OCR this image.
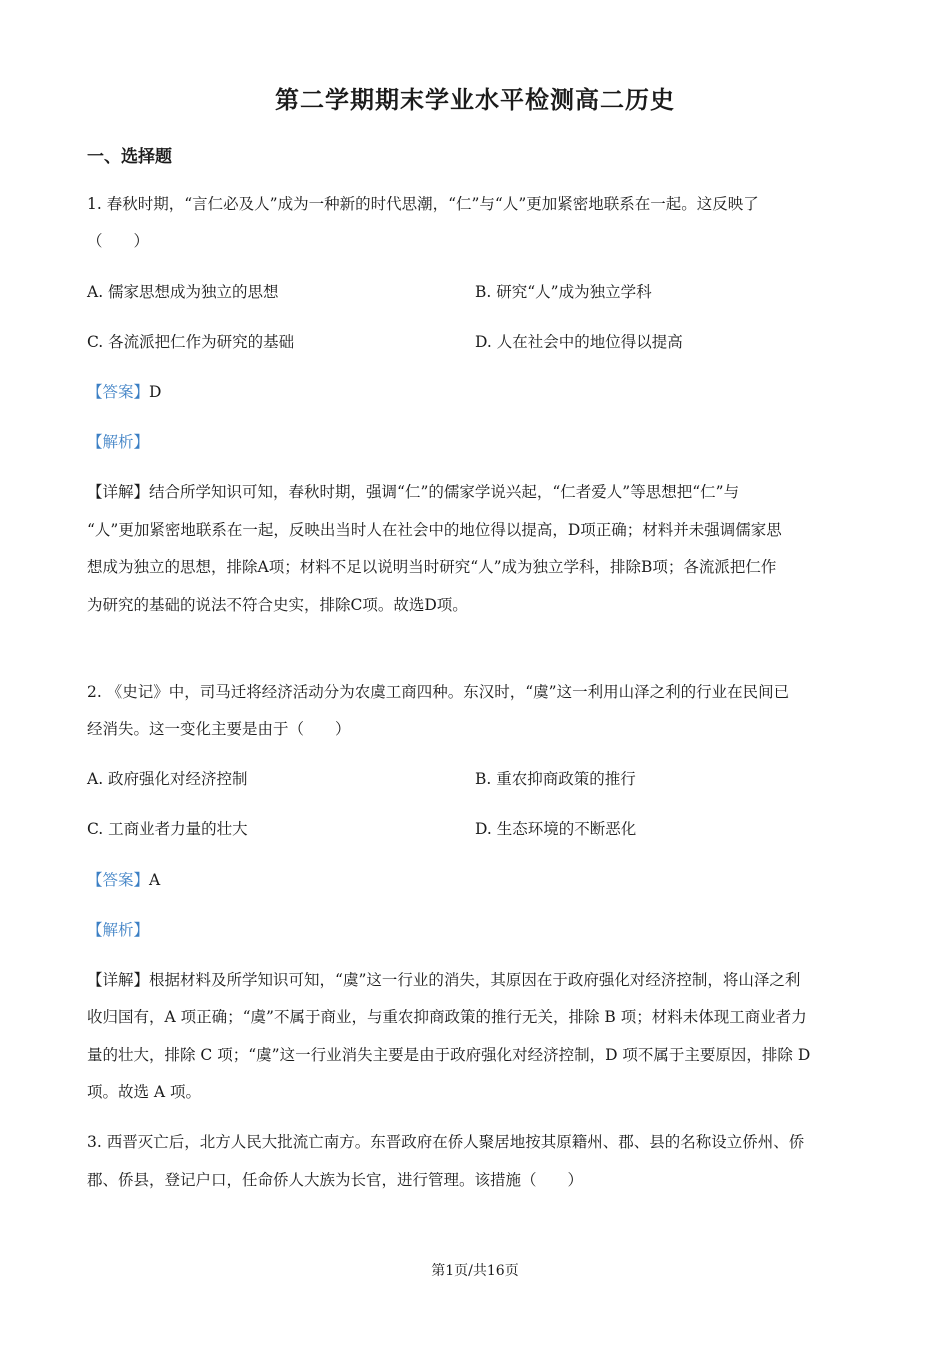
第二学期期末学业水平检测高二历史
一、选择题
1. 春秋时期，“言仁必及人”成为一种新的时代思潮，“仁”与“人”更加紧密地联系在一起。这反映了
（　　）
A. 儒家思想成为独立的思想	B. 研究“人”成为独立学科
C. 各流派把仁作为研究的基础	D. 人在社会中的地位得以提高
【答案】D
【解析】
【详解】结合所学知识可知，春秋时期，强调“仁”的儒家学说兴起，“仁者爱人”等思想把“仁”与
“人”更加紧密地联系在一起，反映出当时人在社会中的地位得以提高，D项正确；材料并未强调儒家思
想成为独立的思想，排除A项；材料不足以说明当时研究“人”成为独立学科，排除B项；各流派把仁作
为研究的基础的说法不符合史实，排除C项。故选D项。
2. 《史记》中，司马迁将经济活动分为农虞工商四种。东汉时，“虞”这一利用山泽之利的行业在民间已
经消失。这一变化主要是由于（　　）
A. 政府强化对经济控制	B. 重农抑商政策的推行
C. 工商业者力量的壮大	D. 生态环境的不断恶化
【答案】A
【解析】
【详解】根据材料及所学知识可知，“虞”这一行业的消失，其原因在于政府强化对经济控制，将山泽之利
收归国有，A 项正确；“虞”不属于商业，与重农抑商政策的推行无关，排除 B 项；材料未体现工商业者力
量的壮大，排除 C 项；“虞”这一行业消失主要是由于政府强化对经济控制，D 项不属于主要原因，排除 D
项。故选 A 项。
3. 西晋灭亡后，北方人民大批流亡南方。东晋政府在侨人聚居地按其原籍州、郡、县的名称设立侨州、侨
郡、侨县，登记户口，任命侨人大族为长官，进行管理。该措施（　　）
第1页/共16页
